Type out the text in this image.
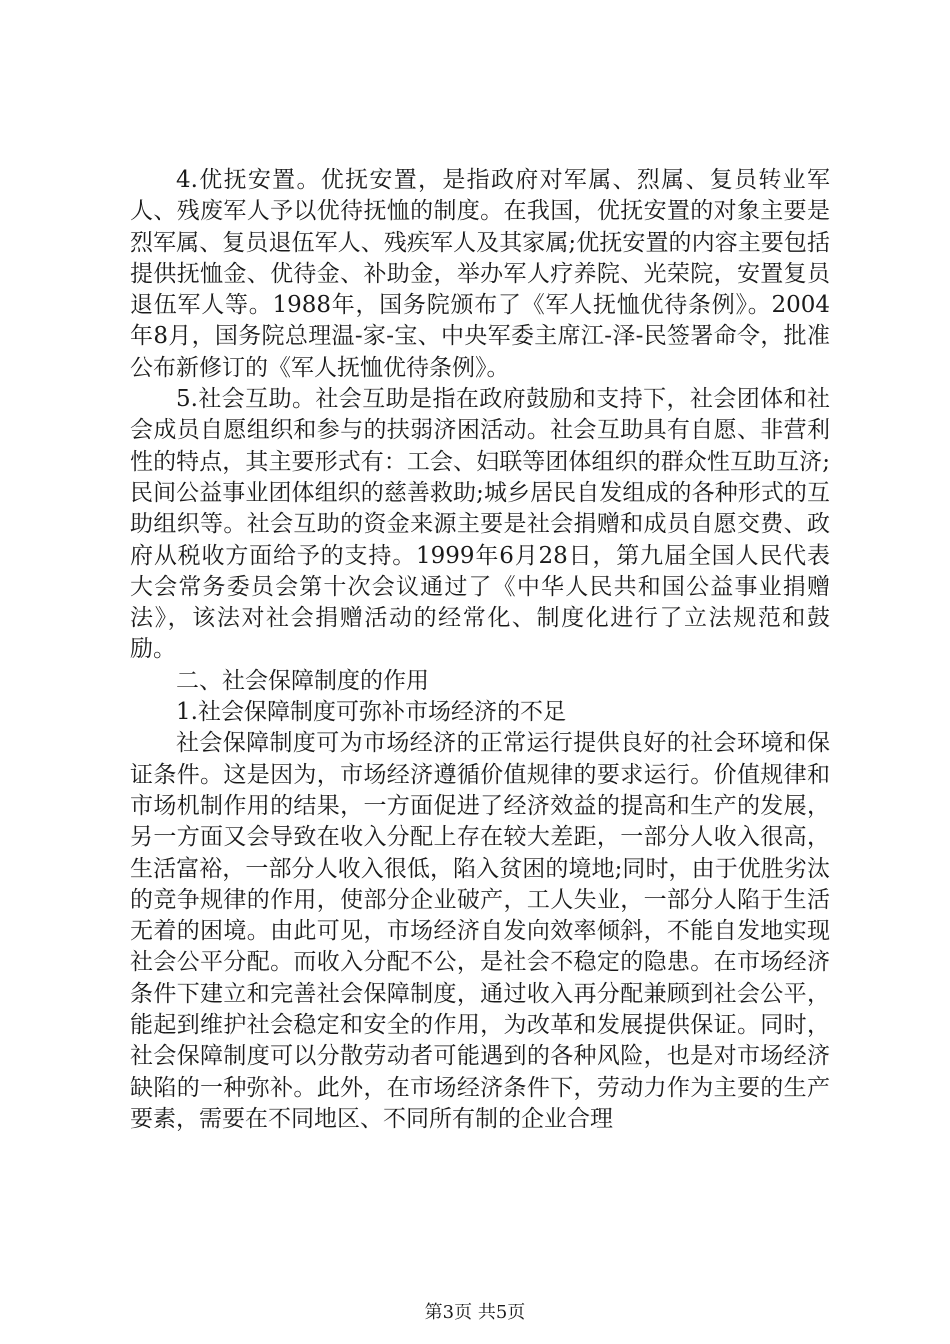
4.优抚安置。优抚安置，是指政府对军属、烈属、复员转业军人、残废军人予以优待抚恤的制度。在我国，优抚安置的对象主要是烈军属、复员退伍军人、残疾军人及其家属;优抚安置的内容主要包括提供抚恤金、优待金、补助金，举办军人疗养院、光荣院，安置复员退伍军人等。1988年，国务院颁布了《军人抚恤优待条例》。2004年8月，国务院总理温-家-宝、中央军委主席江-泽-民签署命令，批准公布新修订的《军人抚恤优待条例》。

5.社会互助。社会互助是指在政府鼓励和支持下，社会团体和社会成员自愿组织和参与的扶弱济困活动。社会互助具有自愿、非营利性的特点，其主要形式有：工会、妇联等团体组织的群众性互助互济;民间公益事业团体组织的慈善救助;城乡居民自发组成的各种形式的互助组织等。社会互助的资金来源主要是社会捐赠和成员自愿交费、政府从税收方面给予的支持。1999年6月28日，第九届全国人民代表大会常务委员会第十次会议通过了《中华人民共和国公益事业捐赠法》，该法对社会捐赠活动的经常化、制度化进行了立法规范和鼓励。

二、社会保障制度的作用

1.社会保障制度可弥补市场经济的不足

社会保障制度可为市场经济的正常运行提供良好的社会环境和保证条件。这是因为，市场经济遵循价值规律的要求运行。价值规律和市场机制作用的结果，一方面促进了经济效益的提高和生产的发展，另一方面又会导致在收入分配上存在较大差距，一部分人收入很高，生活富裕，一部分人收入很低，陷入贫困的境地;同时，由于优胜劣汰的竞争规律的作用，使部分企业破产，工人失业，一部分人陷于生活无着的困境。由此可见，市场经济自发向效率倾斜，不能自发地实现社会公平分配。而收入分配不公，是社会不稳定的隐患。在市场经济条件下建立和完善社会保障制度，通过收入再分配兼顾到社会公平，能起到维护社会稳定和安全的作用，为改革和发展提供保证。同时，社会保障制度可以分散劳动者可能遇到的各种风险，也是对市场经济缺陷的一种弥补。此外，在市场经济条件下，劳动力作为主要的生产要素，需要在不同地区、不同所有制的企业合理

第3页 共5页
